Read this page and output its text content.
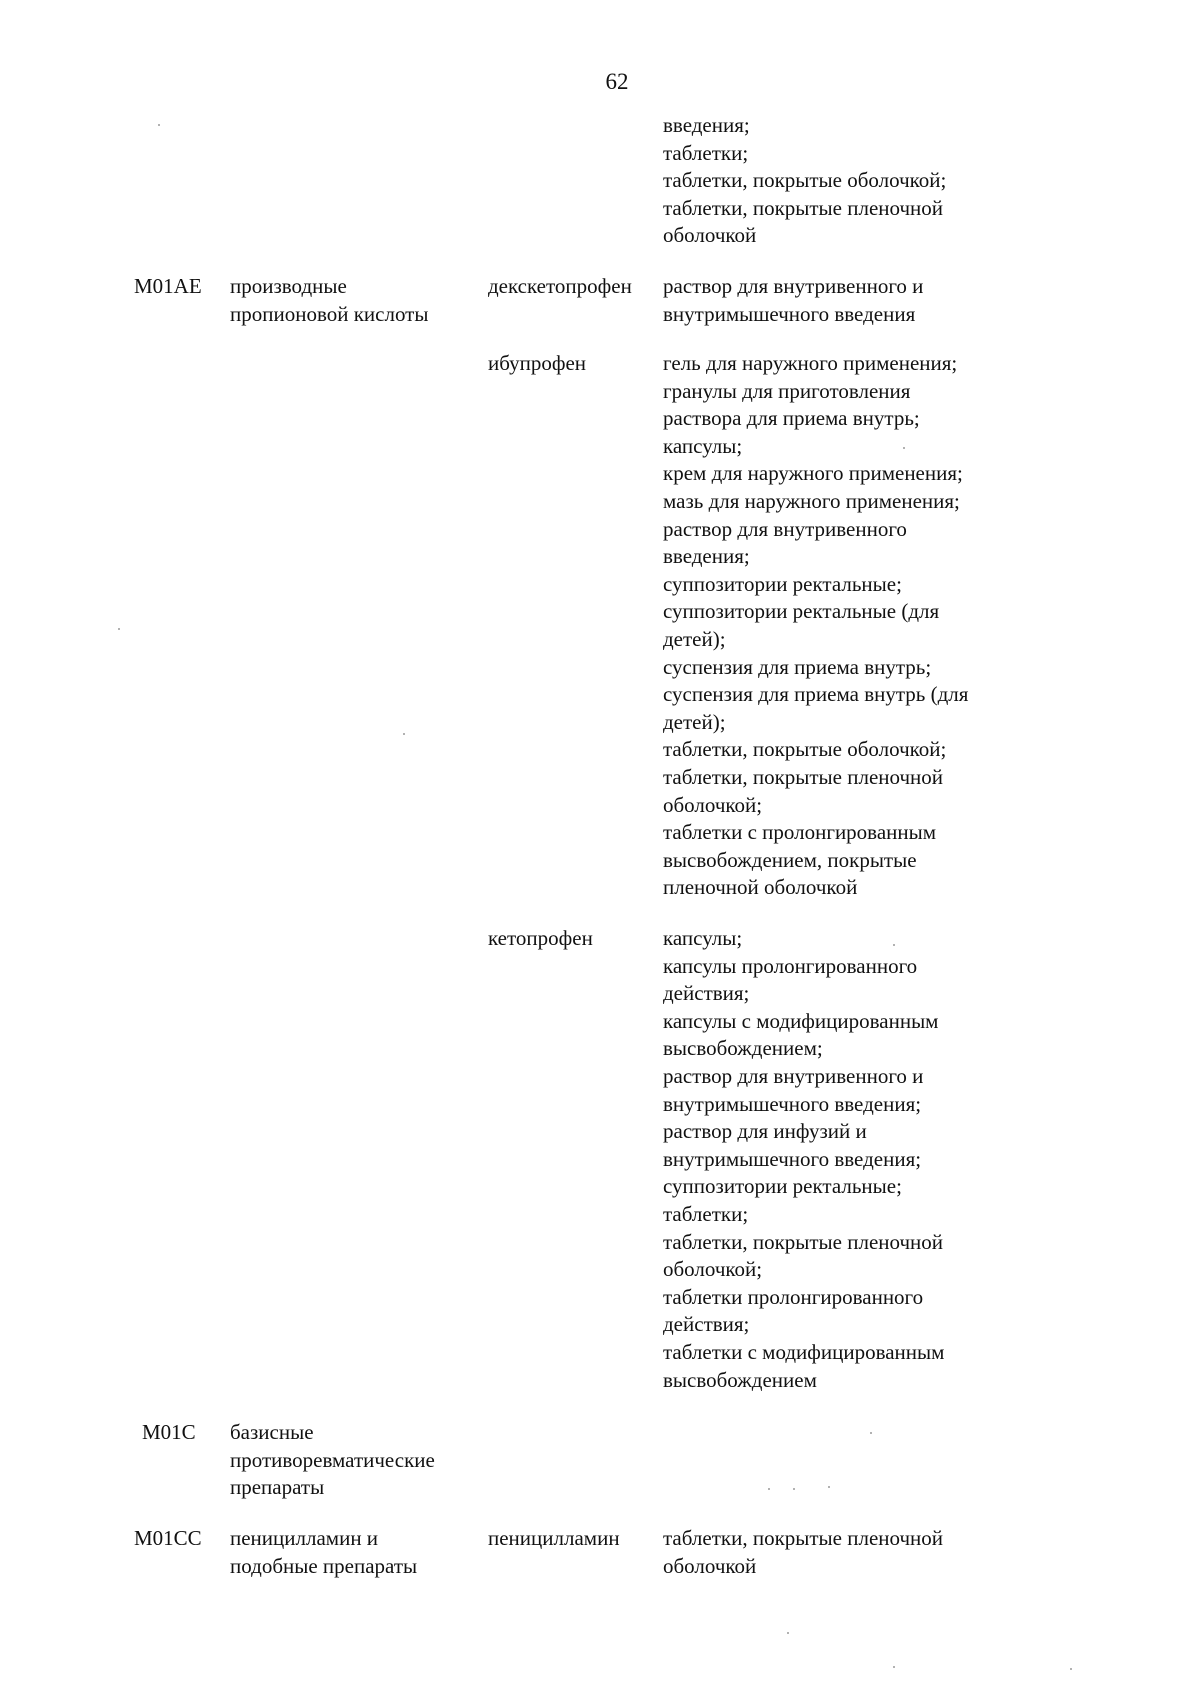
62
введения;
таблетки;
таблетки, покрытые оболочкой;
таблетки, покрытые пленочной
оболочкой
M01AE производные
пропионовой кислоты
декскетопрофен раствор для внутривенного и
внутримышечного введения
ибупрофен	гель для наружного применения;
гранулы для приготовления
раствора для приема внутрь;
капсулы;
крем для наружного применения;
мазь для наружного применения;
раствор для внутривенного
введения;
суппозитории ректальные;
суппозитории ректальные (для
детей);
суспензия для приема внутрь;
суспензия для приема внутрь (для
детей);
таблетки, покрытые оболочкой;
таблетки, покрытые пленочной
оболочкой;
таблетки с пролонгированным
высвобождением, покрытые
пленочной оболочкой
кетопрофен	капсулы;
капсулы пролонгированного
действия;
капсулы с модифицированным
высвобождением;
раствор для внутривенного и
внутримышечного введения;
раствор для инфузий и
внутримышечного введения;
суппозитории ректальные;
таблетки;
таблетки, покрытые пленочной
оболочкой;
таблетки пролонгированного
действия;
таблетки с модифицированным
высвобождением
M01C базисные
противоревматические
препараты
M01CC пеницилламин и
подобные препараты
пеницилламин таблетки, покрытые пленочной
оболочкой
